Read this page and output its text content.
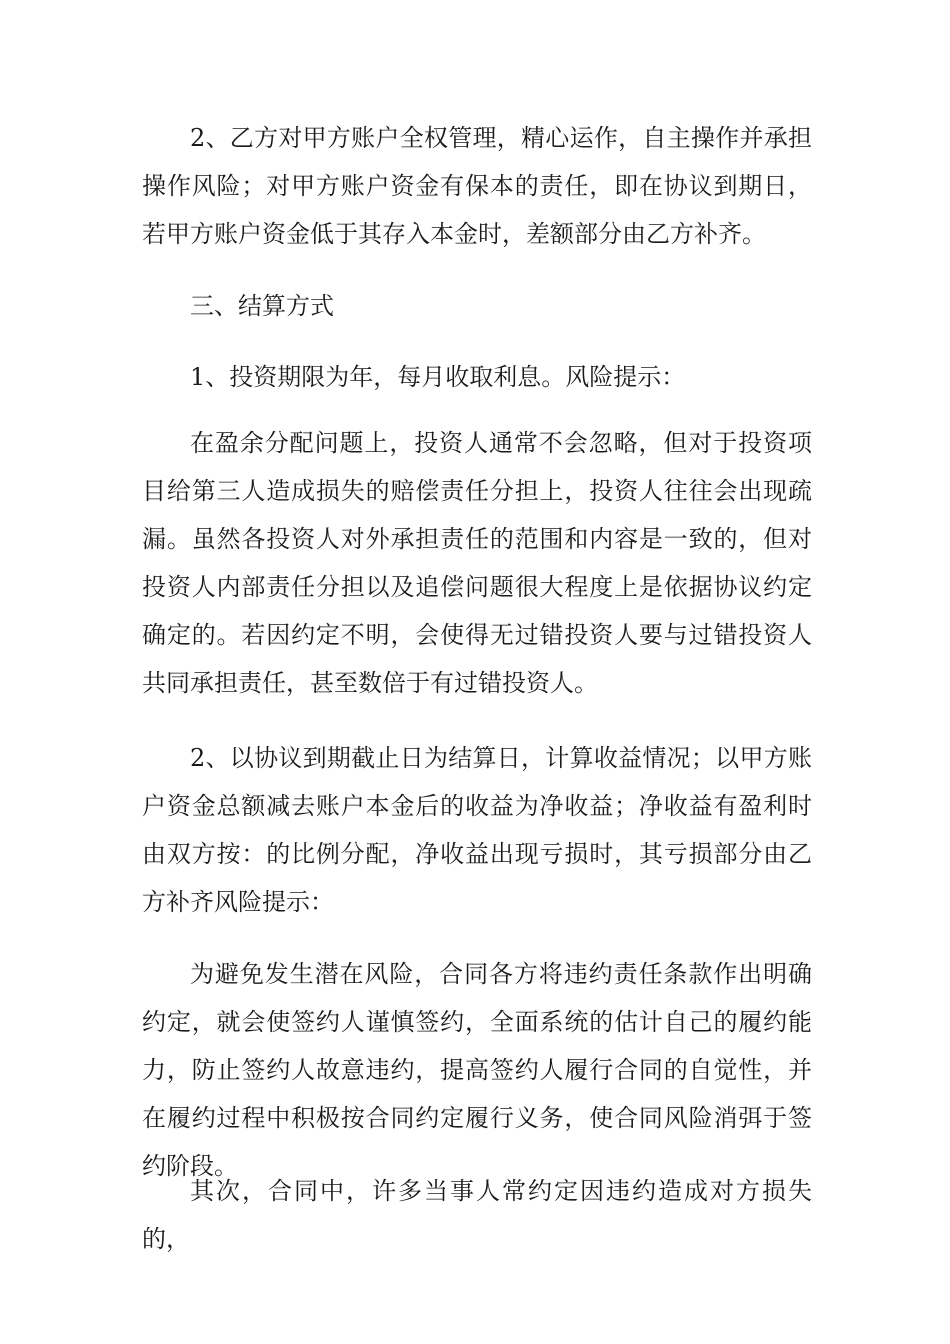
2、乙方对甲方账户全权管理，精心运作，自主操作并承担操作风险；对甲方账户资金有保本的责任，即在协议到期日，若甲方账户资金低于其存入本金时，差额部分由乙方补齐。

三、结算方式

1、投资期限为年，每月收取利息。风险提示：

在盈余分配问题上，投资人通常不会忽略，但对于投资项目给第三人造成损失的赔偿责任分担上，投资人往往会出现疏漏。虽然各投资人对外承担责任的范围和内容是一致的，但对投资人内部责任分担以及追偿问题很大程度上是依据协议约定确定的。若因约定不明，会使得无过错投资人要与过错投资人共同承担责任，甚至数倍于有过错投资人。

2、以协议到期截止日为结算日，计算收益情况；以甲方账户资金总额减去账户本金后的收益为净收益；净收益有盈利时由双方按：的比例分配，净收益出现亏损时，其亏损部分由乙方补齐风险提示：

为避免发生潜在风险，合同各方将违约责任条款作出明确约定，就会使签约人谨慎签约，全面系统的估计自己的履约能力，防止签约人故意违约，提高签约人履行合同的自觉性，并在履约过程中积极按合同约定履行义务，使合同风险消弭于签约阶段。

其次，合同中，许多当事人常约定因违约造成对方损失的，
